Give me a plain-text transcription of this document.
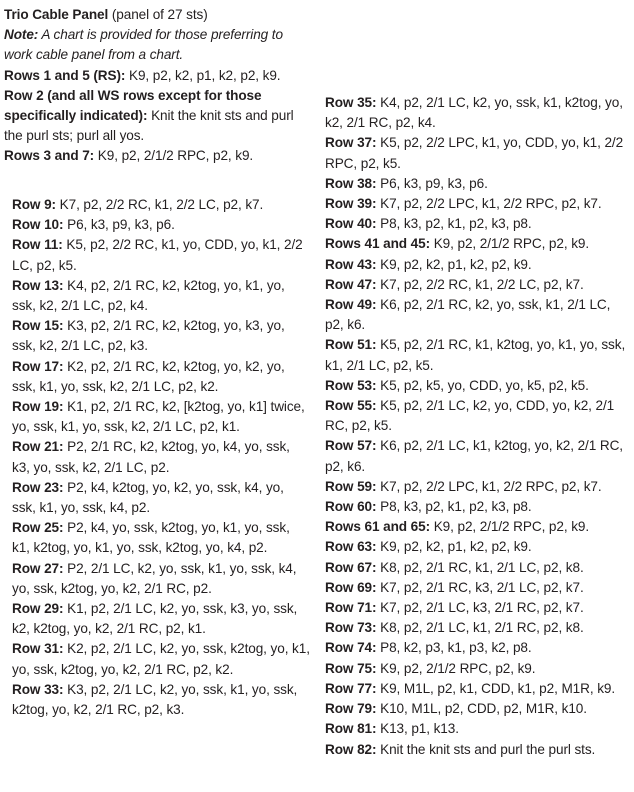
Trio Cable Panel (panel of 27 sts)
Note: A chart is provided for those preferring to work cable panel from a chart.
Rows 1 and 5 (RS): K9, p2, k2, p1, k2, p2, k9.
Row 2 (and all WS rows except for those specifically indicated): Knit the knit sts and purl the purl sts; purl all yos.
Rows 3 and 7: K9, p2, 2/1/2 RPC, p2, k9.

Row 9: K7, p2, 2/2 RC, k1, 2/2 LC, p2, k7.
Row 10: P6, k3, p9, k3, p6.
Row 11: K5, p2, 2/2 RC, k1, yo, CDD, yo, k1, 2/2 LC, p2, k5.
Row 13: K4, p2, 2/1 RC, k2, k2tog, yo, k1, yo, ssk, k2, 2/1 LC, p2, k4.
Row 15: K3, p2, 2/1 RC, k2, k2tog, yo, k3, yo, ssk, k2, 2/1 LC, p2, k3.
Row 17: K2, p2, 2/1 RC, k2, k2tog, yo, k2, yo, ssk, k1, yo, ssk, k2, 2/1 LC, p2, k2.
Row 19: K1, p2, 2/1 RC, k2, [k2tog, yo, k1] twice, yo, ssk, k1, yo, ssk, k2, 2/1 LC, p2, k1.
Row 21: P2, 2/1 RC, k2, k2tog, yo, k4, yo, ssk, k3, yo, ssk, k2, 2/1 LC, p2.
Row 23: P2, k4, k2tog, yo, k2, yo, ssk, k4, yo, ssk, k1, yo, ssk, k4, p2.
Row 25: P2, k4, yo, ssk, k2tog, yo, k1, yo, ssk, k1, k2tog, yo, k1, yo, ssk, k2tog, yo, k4, p2.
Row 27: P2, 2/1 LC, k2, yo, ssk, k1, yo, ssk, k4, yo, ssk, k2tog, yo, k2, 2/1 RC, p2.
Row 29: K1, p2, 2/1 LC, k2, yo, ssk, k3, yo, ssk, k2, k2tog, yo, k2, 2/1 RC, p2, k1.
Row 31: K2, p2, 2/1 LC, k2, yo, ssk, k2tog, yo, k1, yo, ssk, k2tog, yo, k2, 2/1 RC, p2, k2.
Row 33: K3, p2, 2/1 LC, k2, yo, ssk, k1, yo, ssk, k2tog, yo, k2, 2/1 RC, p2, k3.

Row 35: K4, p2, 2/1 LC, k2, yo, ssk, k1, k2tog, yo, k2, 2/1 RC, p2, k4.
Row 37: K5, p2, 2/2 LPC, k1, yo, CDD, yo, k1, 2/2 RPC, p2, k5.
Row 38: P6, k3, p9, k3, p6.
Row 39: K7, p2, 2/2 LPC, k1, 2/2 RPC, p2, k7.
Row 40: P8, k3, p2, k1, p2, k3, p8.
Rows 41 and 45: K9, p2, 2/1/2 RPC, p2, k9.
Row 43: K9, p2, k2, p1, k2, p2, k9.
Row 47: K7, p2, 2/2 RC, k1, 2/2 LC, p2, k7.
Row 49: K6, p2, 2/1 RC, k2, yo, ssk, k1, 2/1 LC, p2, k6.
Row 51: K5, p2, 2/1 RC, k1, k2tog, yo, k1, yo, ssk, k1, 2/1 LC, p2, k5.
Row 53: K5, p2, k5, yo, CDD, yo, k5, p2, k5.
Row 55: K5, p2, 2/1 LC, k2, yo, CDD, yo, k2, 2/1 RC, p2, k5.
Row 57: K6, p2, 2/1 LC, k1, k2tog, yo, k2, 2/1 RC, p2, k6.
Row 59: K7, p2, 2/2 LPC, k1, 2/2 RPC, p2, k7.
Row 60: P8, k3, p2, k1, p2, k3, p8.
Rows 61 and 65: K9, p2, 2/1/2 RPC, p2, k9.
Row 63: K9, p2, k2, p1, k2, p2, k9.
Row 67: K8, p2, 2/1 RC, k1, 2/1 LC, p2, k8.
Row 69: K7, p2, 2/1 RC, k3, 2/1 LC, p2, k7.
Row 71: K7, p2, 2/1 LC, k3, 2/1 RC, p2, k7.
Row 73: K8, p2, 2/1 LC, k1, 2/1 RC, p2, k8.
Row 74: P8, k2, p3, k1, p3, k2, p8.
Row 75: K9, p2, 2/1/2 RPC, p2, k9.
Row 77: K9, M1L, p2, k1, CDD, k1, p2, M1R, k9.
Row 79: K10, M1L, p2, CDD, p2, M1R, k10.
Row 81: K13, p1, k13.
Row 82: Knit the knit sts and purl the purl sts.
